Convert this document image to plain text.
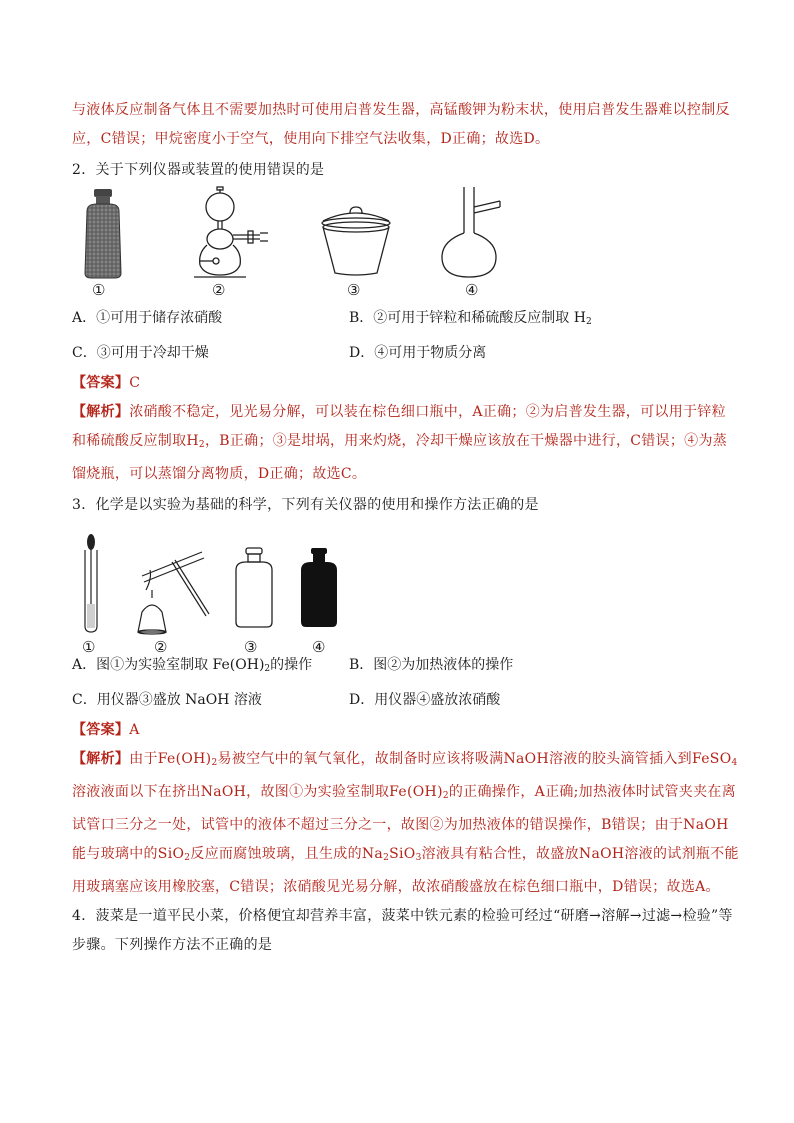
与液体反应制备气体且不需要加热时可使用启普发生器，高锰酸钾为粉末状，使用启普发生器难以控制反
应，C错误；甲烷密度小于空气，使用向下排空气法收集，D正确；故选D。
2．关于下列仪器或装置的使用错误的是
①	②	③	④
A．①可用于储存浓硝酸	B．②可用于锌粒和稀硫酸反应制取 $H_2$
C．③可用于冷却干燥	D．④可用于物质分离
【答案】C
【解析】浓硝酸不稳定，见光易分解，可以装在棕色细口瓶中，A正确；②为启普发生器，可以用于锌粒
和稀硫酸反应制取$H_2$，B正确；③是坩埚，用来灼烧，冷却干燥应该放在干燥器中进行，C错误；④为蒸
馏烧瓶，可以蒸馏分离物质，D正确；故选C。
3．化学是以实验为基础的科学，下列有关仪器的使用和操作方法正确的是
①	②	③	④
A．图①为实验室制取 $Fe(OH)_2$的操作	B．图②为加热液体的操作
C．用仪器③盛放 NaOH 溶液	D．用仪器④盛放浓硝酸
【答案】A
【解析】由于$Fe(OH)_2$易被空气中的氧气氧化，故制备时应该将吸满NaOH溶液的胶头滴管插入到FeSO$_4$
溶液液面以下在挤出NaOH，故图①为实验室制取$Fe(OH)_2$的正确操作，A正确;加热液体时试管夹夹在离
试管口三分之一处，试管中的液体不超过三分之一，故图②为加热液体的错误操作，B错误；由于NaOH
能与玻璃中的SiO$_2$反应而腐蚀玻璃，且生成的$Na_2SiO_3$溶液具有粘合性，故盛放NaOH溶液的试剂瓶不能
用玻璃塞应该用橡胶塞，C错误；浓硝酸见光易分解，故浓硝酸盛放在棕色细口瓶中，D错误；故选A。
4．菠菜是一道平民小菜，价格便宜却营养丰富，菠菜中铁元素的检验可经过“研磨→溶解→过滤→检验”等
步骤。下列操作方法不正确的是
